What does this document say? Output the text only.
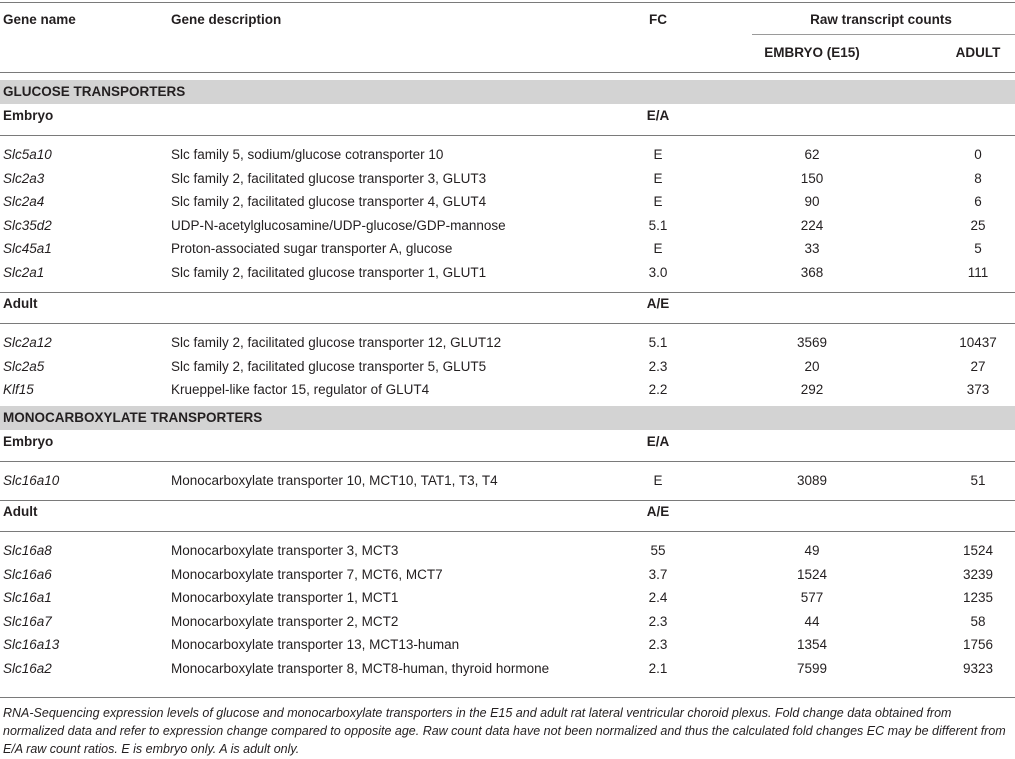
Gene name	Gene description	FC	Raw transcript counts
EMBRYO (E15)	ADULT
GLUCOSE TRANSPORTERS
Embryo	E/A
Slc5a10	Slc family 5, sodium/glucose cotransporter 10	E	62	0
Slc2a3	Slc family 2, facilitated glucose transporter 3, GLUT3	E	150	8
Slc2a4	Slc family 2, facilitated glucose transporter 4, GLUT4	E	90	6
Slc35d2	UDP-N-acetylglucosamine/UDP-glucose/GDP-mannose	5.1	224	25
Slc45a1	Proton-associated sugar transporter A, glucose	E	33	5
Slc2a1	Slc family 2, facilitated glucose transporter 1, GLUT1	3.0	368	111
Adult	A/E
Slc2a12	Slc family 2, facilitated glucose transporter 12, GLUT12	5.1	3569	10437
Slc2a5	Slc family 2, facilitated glucose transporter 5, GLUT5	2.3	20	27
Klf15	Krueppel-like factor 15, regulator of GLUT4	2.2	292	373
MONOCARBOXYLATE TRANSPORTERS
Embryo	E/A
Slc16a10	Monocarboxylate transporter 10, MCT10, TAT1, T3, T4	E	3089	51
Adult	A/E
Slc16a8	Monocarboxylate transporter 3, MCT3	55	49	1524
Slc16a6	Monocarboxylate transporter 7, MCT6, MCT7	3.7	1524	3239
Slc16a1	Monocarboxylate transporter 1, MCT1	2.4	577	1235
Slc16a7	Monocarboxylate transporter 2, MCT2	2.3	44	58
Slc16a13	Monocarboxylate transporter 13, MCT13-human	2.3	1354	1756
Slc16a2	Monocarboxylate transporter 8, MCT8-human, thyroid hormone	2.1	7599	9323
RNA-Sequencing expression levels of glucose and monocarboxylate transporters in the E15 and adult rat lateral ventricular choroid plexus. Fold change data obtained from normalized data and refer to expression change compared to opposite age. Raw count data have not been normalized and thus the calculated fold changes EC may be different from E/A raw count ratios. E is embryo only. A is adult only.
